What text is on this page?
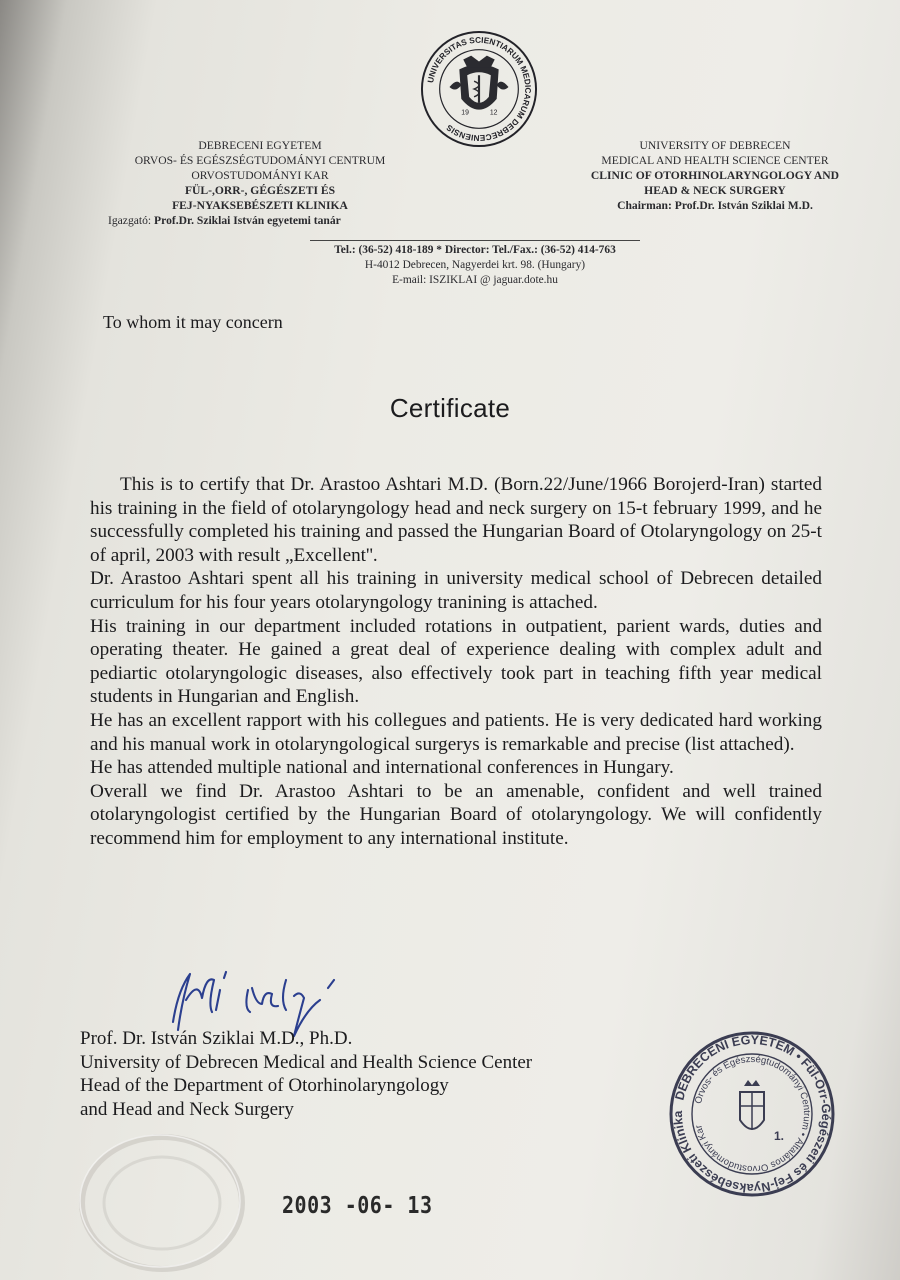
UNIVERSITAS SCIENTIARUM MEDICARUM DEBRECENIENSIS
19	12
DEBRECENI EGYETEM
ORVOS- ÉS EGÉSZSÉGTUDOMÁNYI CENTRUM
ORVOSTUDOMÁNYI KAR
FÜL-,ORR-, GÉGÉSZETI ÉS
FEJ-NYAKSEBÉSZETI KLINIKA
Igazgató: Prof.Dr. Sziklai István egyetemi tanár
UNIVERSITY OF DEBRECEN
MEDICAL AND HEALTH SCIENCE CENTER
CLINIC OF OTORHINOLARYNGOLOGY AND
HEAD & NECK SURGERY
Chairman: Prof.Dr. István Sziklai M.D.
Tel.: (36-52) 418-189 * Director: Tel./Fax.: (36-52) 414-763
H-4012 Debrecen, Nagyerdei krt. 98. (Hungary)
E-mail: ISZIKLAI @ jaguar.dote.hu
To whom it may concern
Certificate

This is to certify that Dr. Arastoo Ashtari M.D. (Born.22/June/1966 Borojerd-Iran) started his training in the field of otolaryngology head and neck surgery on 15-t february 1999, and he successfully completed his training and passed the Hungarian Board of Otolaryngology on 25-t of april, 2003 with result „Excellent''.

Dr. Arastoo Ashtari spent all his training in university medical school of Debrecen detailed curriculum for his four years otolaryngology tranining is attached.

His training in our department included rotations in outpatient, parient wards, duties and operating theater. He gained a great deal of experience dealing with complex adult and pediartic otolaryngologic diseases, also effectively took part in teaching fifth year medical students in Hungarian and English.

He has an excellent rapport with his collegues and patients. He is very dedicated hard working and his manual work in otolaryngological surgerys is remarkable and precise (list attached).

He has attended multiple national and international conferences in Hungary.

Overall we find Dr. Arastoo Ashtari to be an amenable, confident and well trained otolaryngologist certified by the Hungarian Board of otolaryngology. We will confidently recommend him for employment to any international institute.

Prof. Dr. István Sziklai M.D., Ph.D.
University of Debrecen Medical and Health Science Center
Head of the Department of Otorhinolaryngology
and Head and Neck Surgery
DEBRECENI EGYETEM • Fül-Orr-Gégészeti és Fej-Nyaksebészeti Klinika
Orvos- és Egészségtudományi Centrum • Általános Orvostudományi Kar
1.
2003 -06- 13
